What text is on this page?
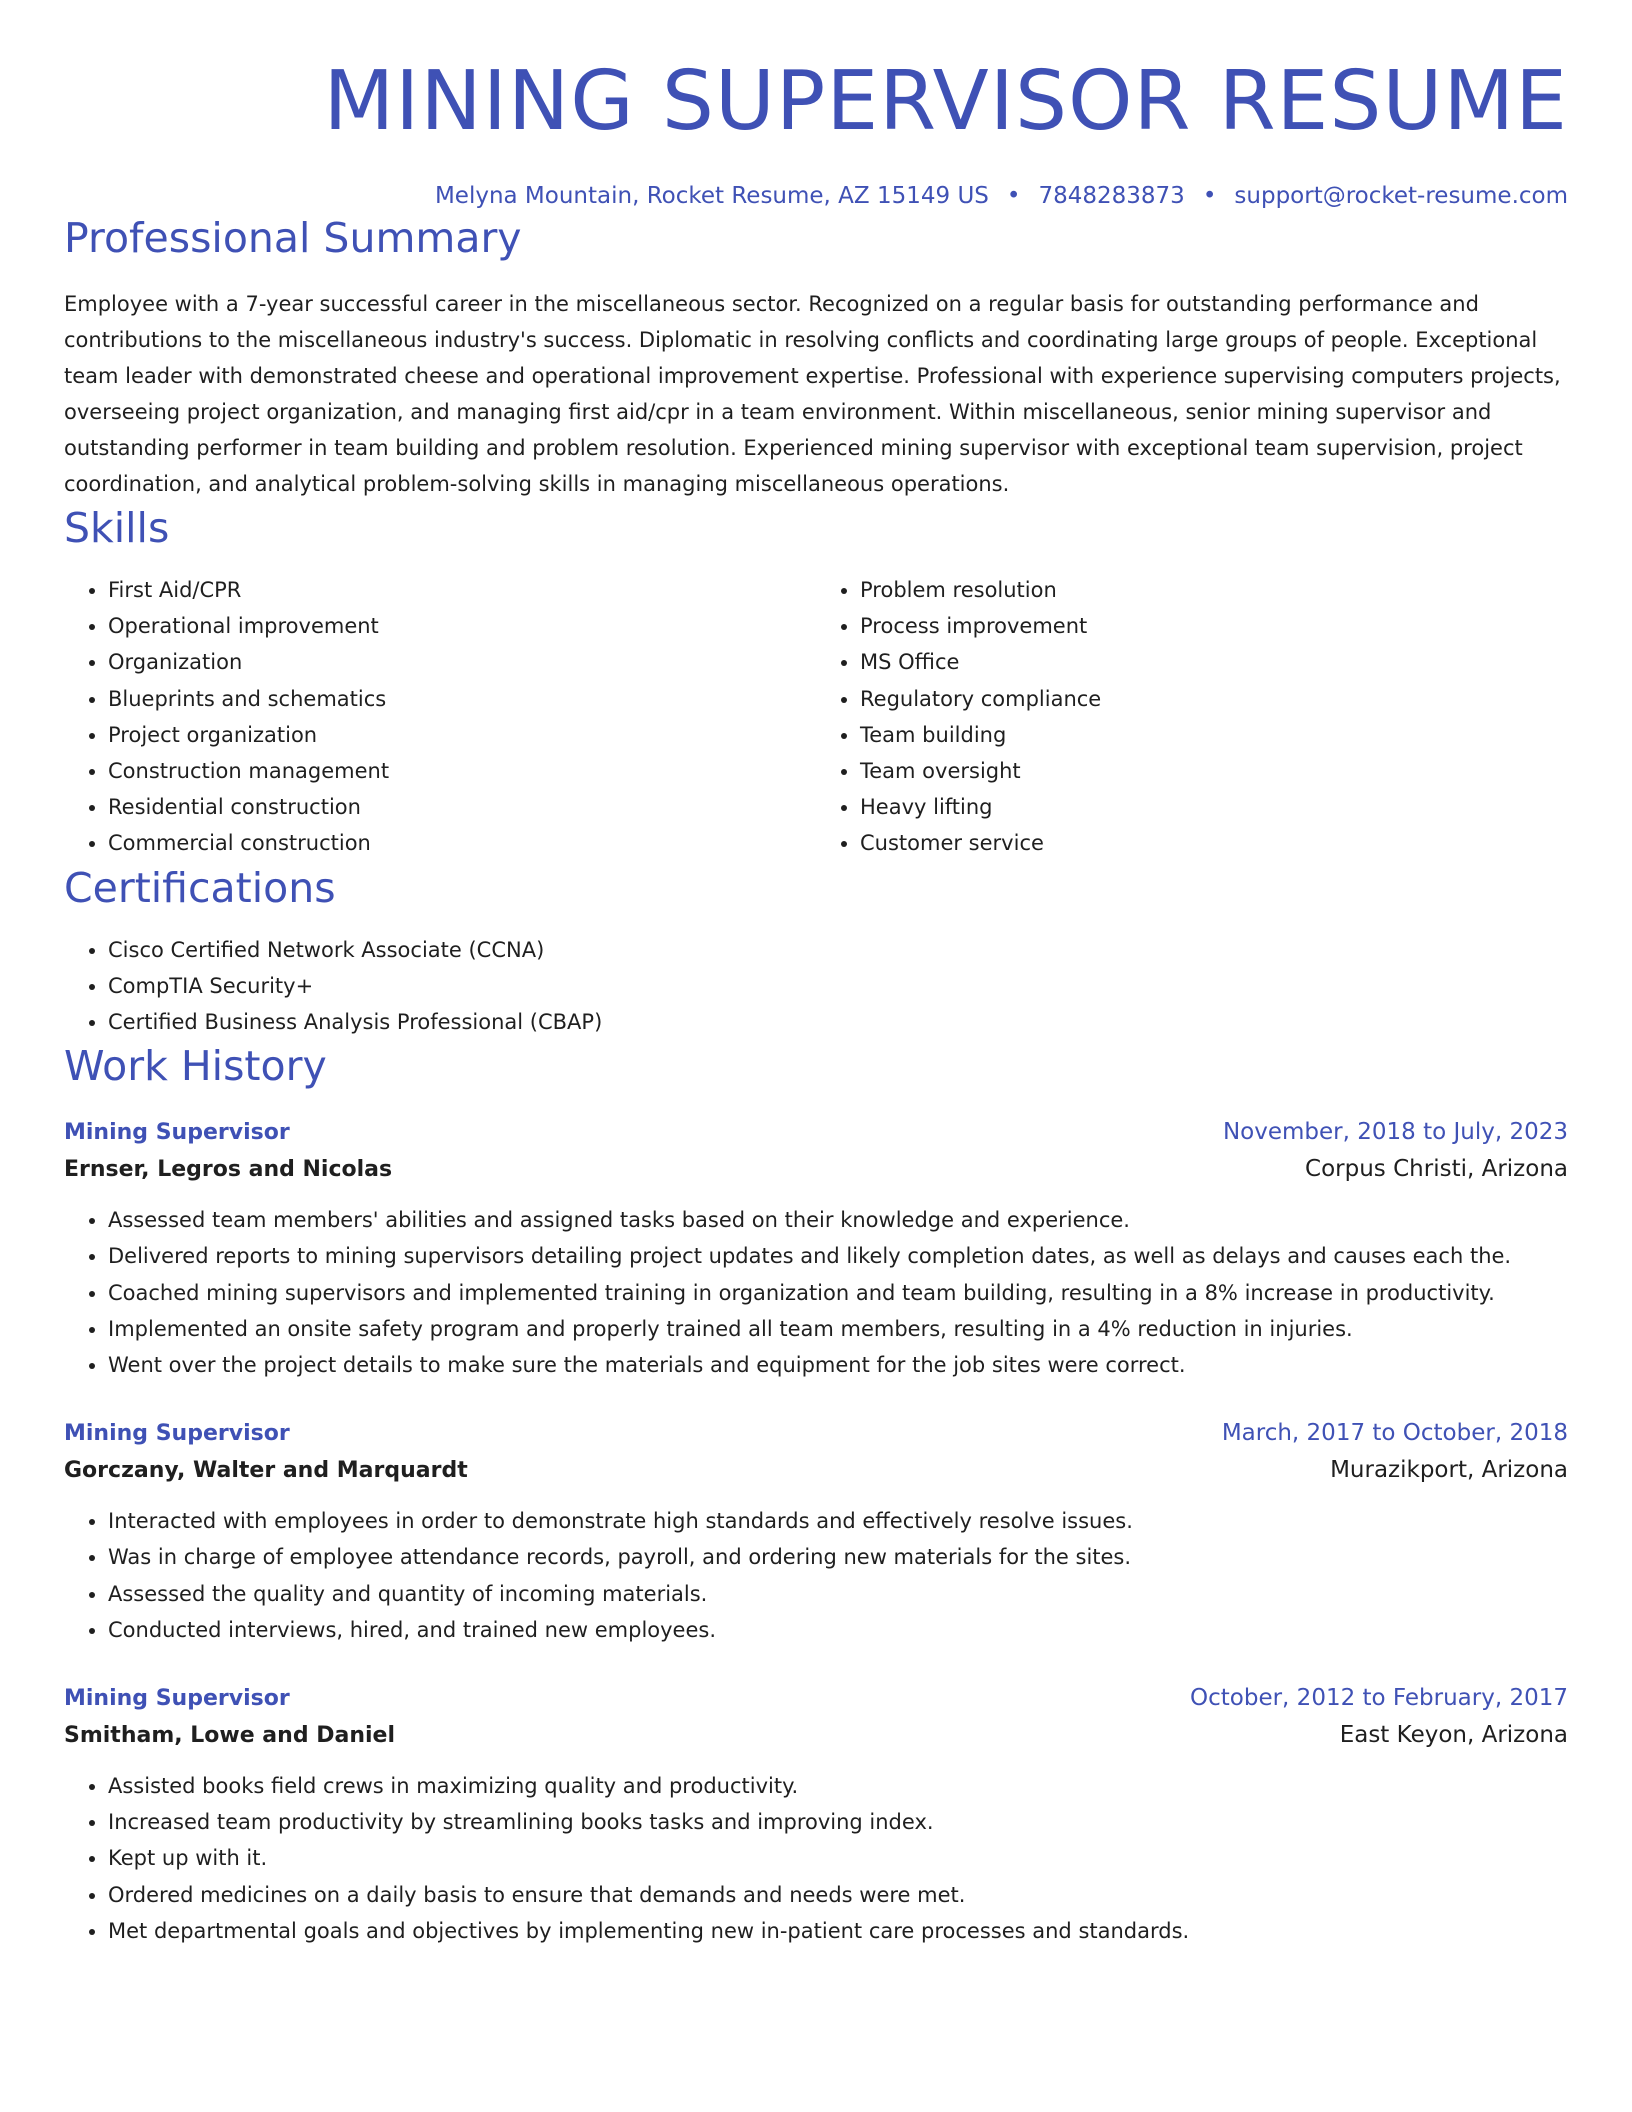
MINING SUPERVISOR RESUME
Melyna Mountain, Rocket Resume, AZ 15149 US • 7848283873 • support@rocket-resume.com
Professional Summary

Employee with a 7-year successful career in the miscellaneous sector. Recognized on a regular basis for outstanding performance and contributions to the miscellaneous industry's success. Diplomatic in resolving conflicts and coordinating large groups of people. Exceptional team leader with demonstrated cheese and operational improvement expertise. Professional with experience supervising computers projects, overseeing project organization, and managing first aid/cpr in a team environment. Within miscellaneous, senior mining supervisor and outstanding performer in team building and problem resolution. Experienced mining supervisor with exceptional team supervision, project coordination, and analytical problem-solving skills in managing miscellaneous operations.

Skills
• First Aid/CPR
• Operational improvement
• Organization
• Blueprints and schematics
• Project organization
• Construction management
• Residential construction
• Commercial construction
• Problem resolution
• Process improvement
• MS Office
• Regulatory compliance
• Team building
• Team oversight
• Heavy lifting
• Customer service
Certifications
• Cisco Certified Network Associate (CCNA)
• CompTIA Security+
• Certified Business Analysis Professional (CBAP)
Work History
Mining Supervisor	November, 2018 to July, 2023
Ernser, Legros and Nicolas	Corpus Christi, Arizona
• Assessed team members' abilities and assigned tasks based on their knowledge and experience.
• Delivered reports to mining supervisors detailing project updates and likely completion dates, as well as delays and causes each the.
• Coached mining supervisors and implemented training in organization and team building, resulting in a 8% increase in productivity.
• Implemented an onsite safety program and properly trained all team members, resulting in a 4% reduction in injuries.
• Went over the project details to make sure the materials and equipment for the job sites were correct.
Mining Supervisor	March, 2017 to October, 2018
Gorczany, Walter and Marquardt	Murazikport, Arizona
• Interacted with employees in order to demonstrate high standards and effectively resolve issues.
• Was in charge of employee attendance records, payroll, and ordering new materials for the sites.
• Assessed the quality and quantity of incoming materials.
• Conducted interviews, hired, and trained new employees.
Mining Supervisor	October, 2012 to February, 2017
Smitham, Lowe and Daniel	East Keyon, Arizona
• Assisted books field crews in maximizing quality and productivity.
• Increased team productivity by streamlining books tasks and improving index.
• Kept up with it.
• Ordered medicines on a daily basis to ensure that demands and needs were met.
• Met departmental goals and objectives by implementing new in-patient care processes and standards.
